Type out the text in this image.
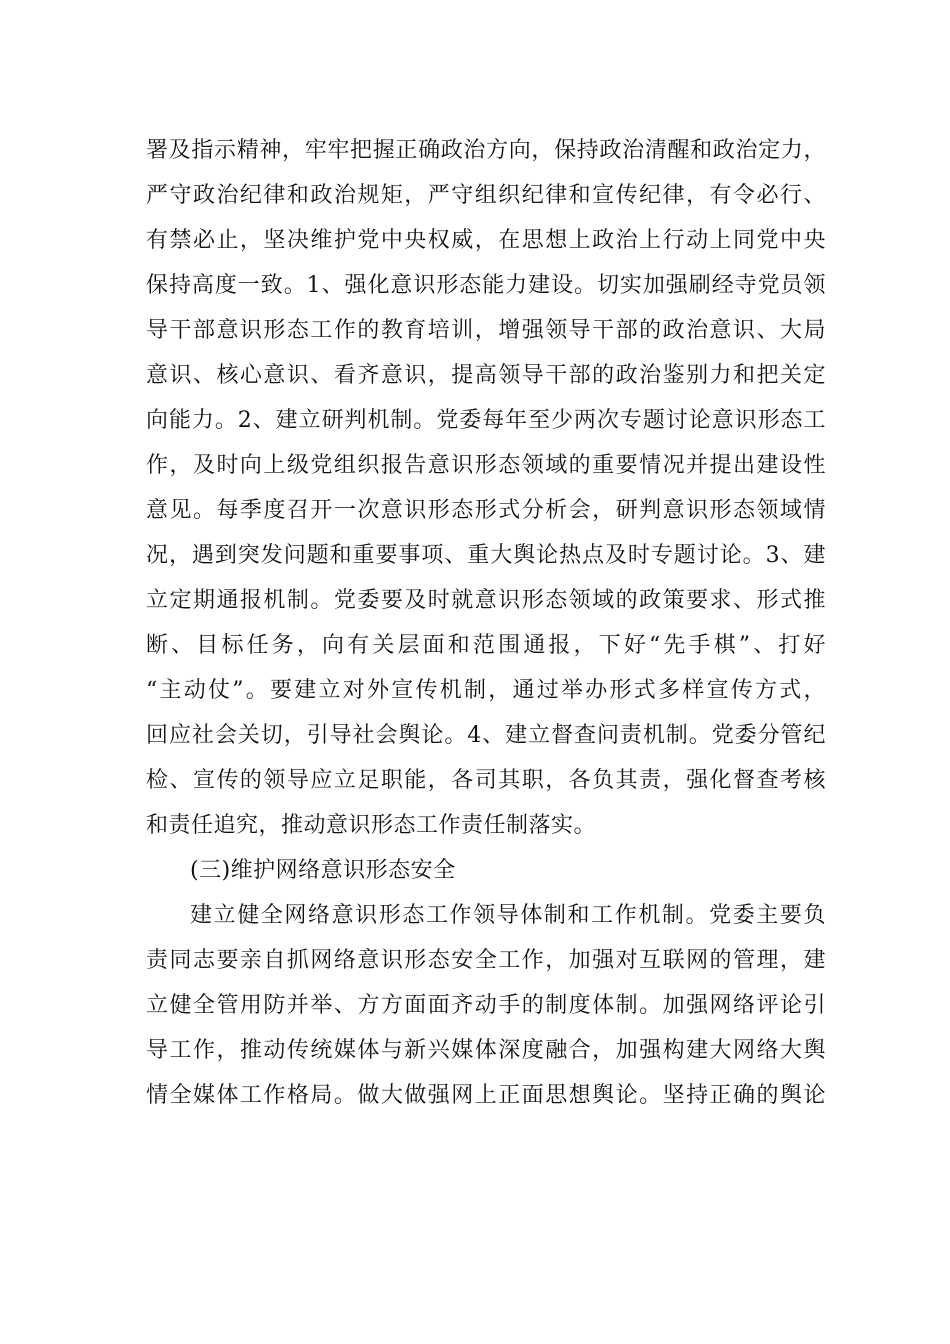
署及指示精神，牢牢把握正确政治方向，保持政治清醒和政治定力，
严守政治纪律和政治规矩，严守组织纪律和宣传纪律，有令必行、
有禁必止，坚决维护党中央权威，在思想上政治上行动上同党中央
保持高度一致。1、强化意识形态能力建设。切实加强刷经寺党员领
导干部意识形态工作的教育培训，增强领导干部的政治意识、大局
意识、核心意识、看齐意识，提高领导干部的政治鉴别力和把关定
向能力。2、建立研判机制。党委每年至少两次专题讨论意识形态工
作，及时向上级党组织报告意识形态领域的重要情况并提出建设性
意见。每季度召开一次意识形态形式分析会，研判意识形态领域情
况，遇到突发问题和重要事项、重大舆论热点及时专题讨论。3、建
立定期通报机制。党委要及时就意识形态领域的政策要求、形式推
断、目标任务，向有关层面和范围通报，下好“先手棋”、打好
“主动仗”。要建立对外宣传机制，通过举办形式多样宣传方式，
回应社会关切，引导社会舆论。4、建立督查问责机制。党委分管纪
检、宣传的领导应立足职能，各司其职，各负其责，强化督查考核
和责任追究，推动意识形态工作责任制落实。
(三)维护网络意识形态安全
建立健全网络意识形态工作领导体制和工作机制。党委主要负
责同志要亲自抓网络意识形态安全工作，加强对互联网的管理，建
立健全管用防并举、方方面面齐动手的制度体制。加强网络评论引
导工作，推动传统媒体与新兴媒体深度融合，加强构建大网络大舆
情全媒体工作格局。做大做强网上正面思想舆论。坚持正确的舆论
